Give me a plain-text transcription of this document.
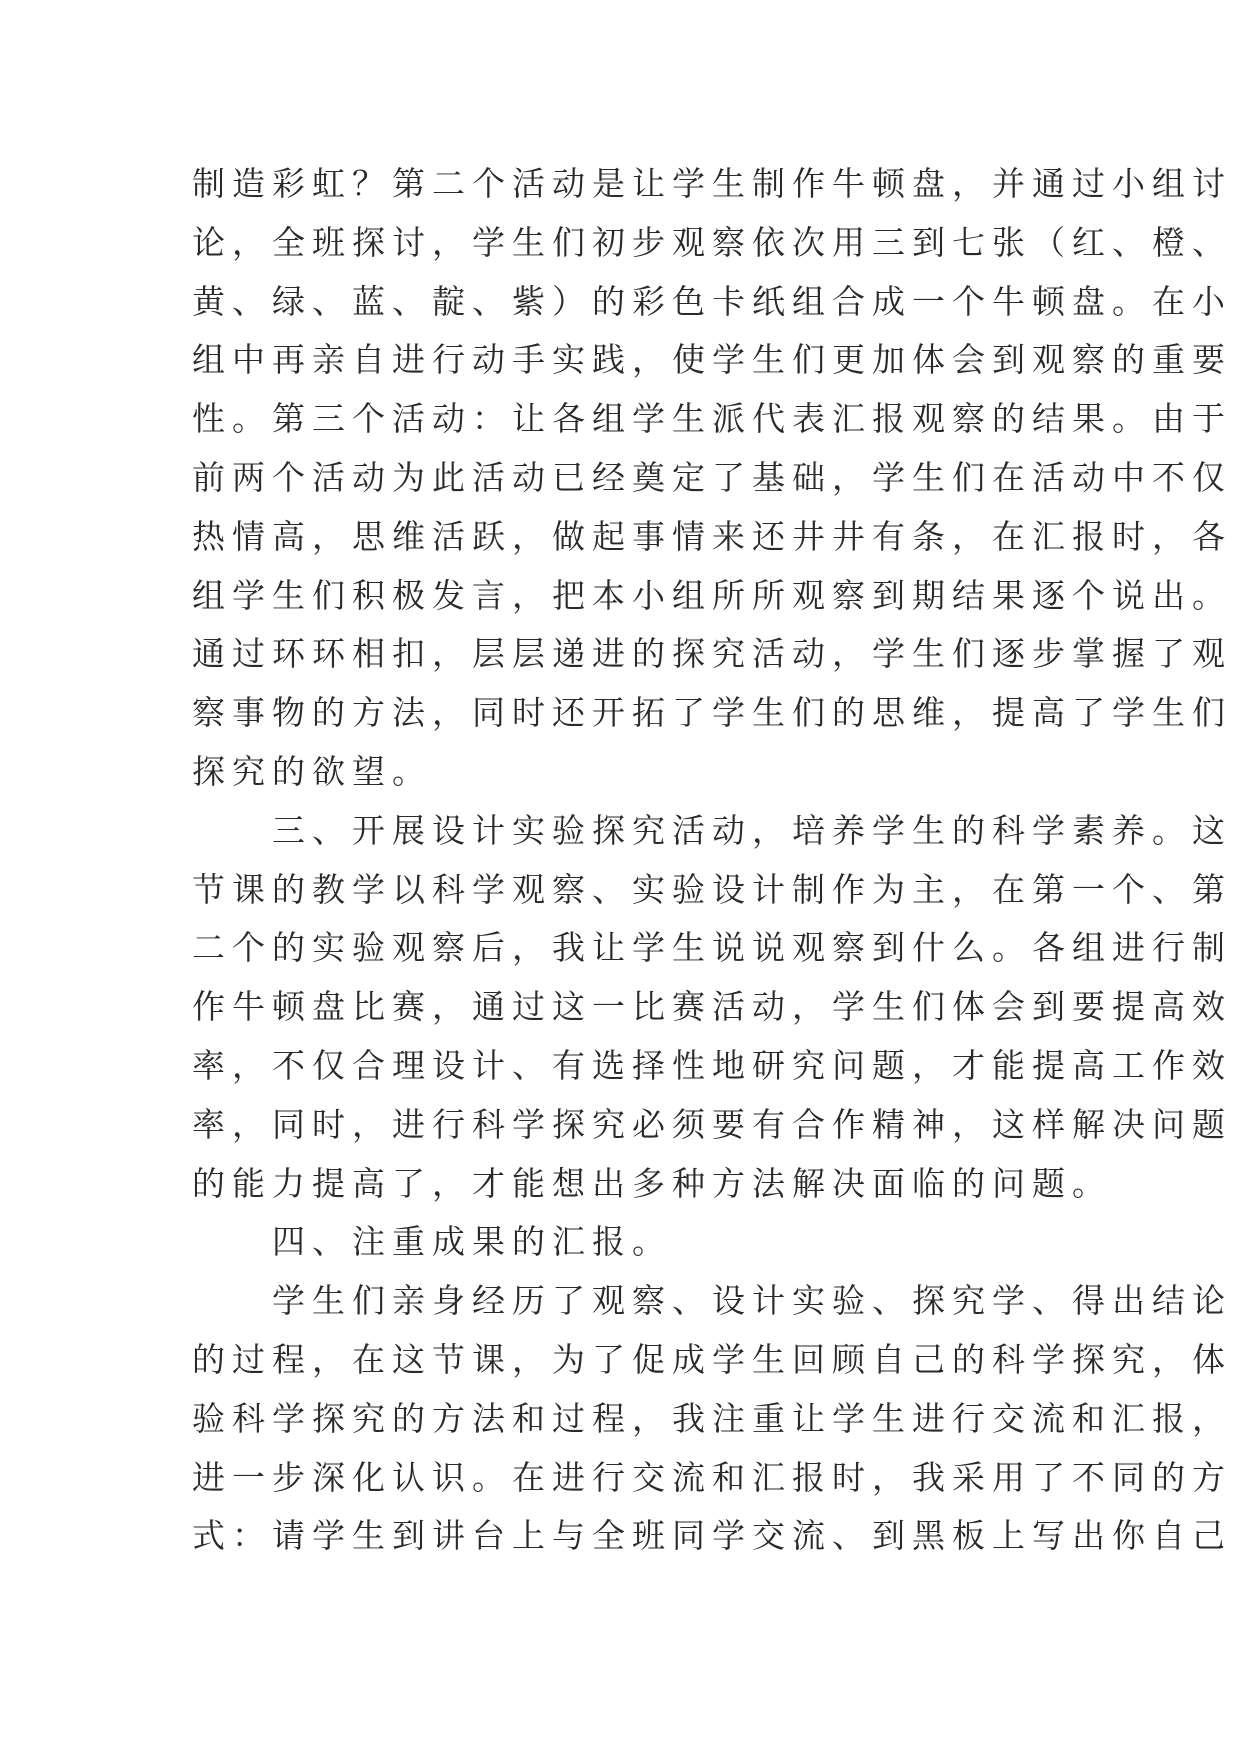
制造彩虹？第二个活动是让学生制作牛顿盘，并通过小组讨
论，全班探讨，学生们初步观察依次用三到七张（红、橙、
黄、绿、蓝、靛、紫）的彩色卡纸组合成一个牛顿盘。在小
组中再亲自进行动手实践，使学生们更加体会到观察的重要
性。第三个活动：让各组学生派代表汇报观察的结果。由于
前两个活动为此活动已经奠定了基础，学生们在活动中不仅
热情高，思维活跃，做起事情来还井井有条，在汇报时，各
组学生们积极发言，把本小组所所观察到期结果逐个说出。
通过环环相扣，层层递进的探究活动，学生们逐步掌握了观
察事物的方法，同时还开拓了学生们的思维，提高了学生们
探究的欲望。
　　三、开展设计实验探究活动，培养学生的科学素养。这
节课的教学以科学观察、实验设计制作为主，在第一个、第
二个的实验观察后，我让学生说说观察到什么。各组进行制
作牛顿盘比赛，通过这一比赛活动，学生们体会到要提高效
率，不仅合理设计、有选择性地研究问题，才能提高工作效
率，同时，进行科学探究必须要有合作精神，这样解决问题
的能力提高了，才能想出多种方法解决面临的问题。
　　四、注重成果的汇报。
　　学生们亲身经历了观察、设计实验、探究学、得出结论
的过程，在这节课，为了促成学生回顾自己的科学探究，体
验科学探究的方法和过程，我注重让学生进行交流和汇报，
进一步深化认识。在进行交流和汇报时，我采用了不同的方
式：请学生到讲台上与全班同学交流、到黑板上写出你自己
